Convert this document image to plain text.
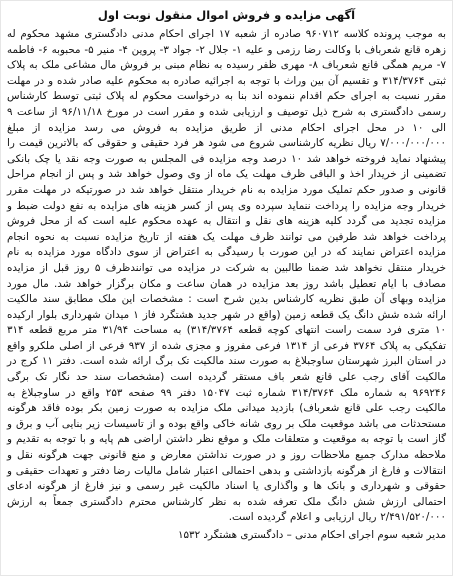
آگهی مزایده و فروش اموال منقول نوبت اول

به موجب پرونده کلاسه ۹۶۰۷۱۲ صادره از شعبه ۱۷ اجرای احکام مدنی دادگستری مشهد محکوم له زهره قانع شعرباف با وکالت رضا رزمی و علیه ۱- جلال ۲- جواد ۳- پروین ۴- منیر ۵- محبوبه ۶- فاطمه ۷- مریم همگی قانع شعرباف ۸- مهری ظفر رسیده به نظام مبنی بر فروش مال مشاعی ملک به پلاک ثبتی ۳۱۴/۳۷۶۴ و تقسیم آن بین وراث با توجه به اجرائیه صادره به محکوم علیه صادر شده و در مهلت مقرر نسبت به اجرای حکم اقدام ننموده اند بنا به درخواست محکوم له پلاک ثبتی توسط کارشناس رسمی دادگستری به شرح ذیل توصیف و ارزیابی شده و مقرر است در مورخ ۹۶/۱۱/۱۸ از ساعت ۹ الی ۱۰ در محل اجرای احکام مدنی از طریق مزایده به فروش می رسد مزایده از مبلغ ۷/۰۰۰/۰۰۰/۰۰۰ ریال نظریه کارشناسی شروع می شود هر فرد حقیقی و حقوقی که بالاترین قیمت را پیشنهاد نماید فروخته خواهد شد ۱۰ درصد وجه مزایده فی المجلس به صورت وجه نقد یا چک بانکی تضمینی از خریدار اخذ و الباقی ظرف مهلت یک ماه از وی وصول خواهد شد و پس از انجام مراحل قانونی و صدور حکم تملیک مورد مزایده به نام خریدار منتقل خواهد شد در صورتیکه در مهلت مقرر خریدار وجه مزایده را پرداخت ننماید سپرده وی پس از کسر هزینه های مزایده به نفع دولت ضبط و مزایده تجدید می گردد کلیه هزینه های نقل و انتقال به عهده محکوم علیه است که از محل فروش پرداخت خواهد شد طرفین می توانند ظرف مهلت یک هفته از تاریخ مزایده نسبت به نحوه انجام مزایده اعتراض نمایند که در این صورت با رسیدگی به اعتراض از سوی دادگاه مورد مزایده به نام خریدار منتقل نخواهد شد ضمنا طالبین به شرکت در مزایده می توانندظرف ۵ روز قبل از مزایده مصادف با ایام تعطیل باشد روز بعد مزایده در همان ساعت و مکان برگزار خواهد شد. مال مورد مزایده وبهای آن طبق نظریه کارشناس بدین شرح است : مشخصات این ملک مطابق سند مالکیت ارائه شده شش دانگ یک قطعه زمین (واقع در شهر جدید هشتگرد فاز ۱ میدان شهرداری بلوار ارکیده ۱۰ متری فرد سمت راست انتهای کوچه قطعه ۳۱۴/۳۷۶۴) به مساحت ۳۱/۹۴ متر مربع قطعه ۳۱۴ تفکیکی به پلاک ۳۷۶۴ فرعی از ۱۳۱۴ فرعی مفروز و مجزی شده از ۹۳۷ فرعی از اصلی ملکرو واقع در استان البرز شهرستان ساوجبلاغ به صورت سند مالکیت تک برگ ارائه شده است. دفتر ۱۱ کرج در مالکیت آقای رجب علی قانع شعر باف مستقر گردیده است (مشخصات سند حد نگار تک برگی ۹۶۹۲۴۶ به شماره ملک ۳۱۴/۳۷۶۴ شماره ثبت ۱۵۰۴۷ دفتر ۹۹ صفحه ۲۵۳ واقع در ساوجبلاغ به مالکیت رجب علی قانع شعرباف) بازدید میدانی ملک مزایده به صورت زمین بکر بوده فاقد هرگونه مستحدثات می باشد موقعیت ملک بر روی شانه خاکی واقع بوده و از تاسیسات زیر بنایی آب و برق و گاز است با توجه به موقعیت و متعلقات ملک و موقع نظر داشتن اراضی هم پایه و با توجه به تقدیم و ملاحظه مدارک جمیع ملاحظات روز و در صورت نداشتن معارض و منع قانونی جهت هرگونه نقل و انتقالات و فارغ از هرگونه بازداشتی و بدهی احتمالی اعتبار شامل مالیات رضا دفتر و تعهدات حقیقی و حقوقی و شهرداری و بانک ها و واگذاری یا اسناد مالکیت غیر رسمی و نیز فارغ از هرگونه ادعای احتمالی ارزش شش دانگ ملک تعرفه شده به نظر کارشناس محترم دادگستری جمعاً به ارزش ۲/۴۹۱/۵۲۰/۰۰۰ ریال ارزیابی و اعلام گردیده است.

مدیر شعبه سوم اجرای احکام مدنی – دادگستری هشتگرد ۱۵۳۲
